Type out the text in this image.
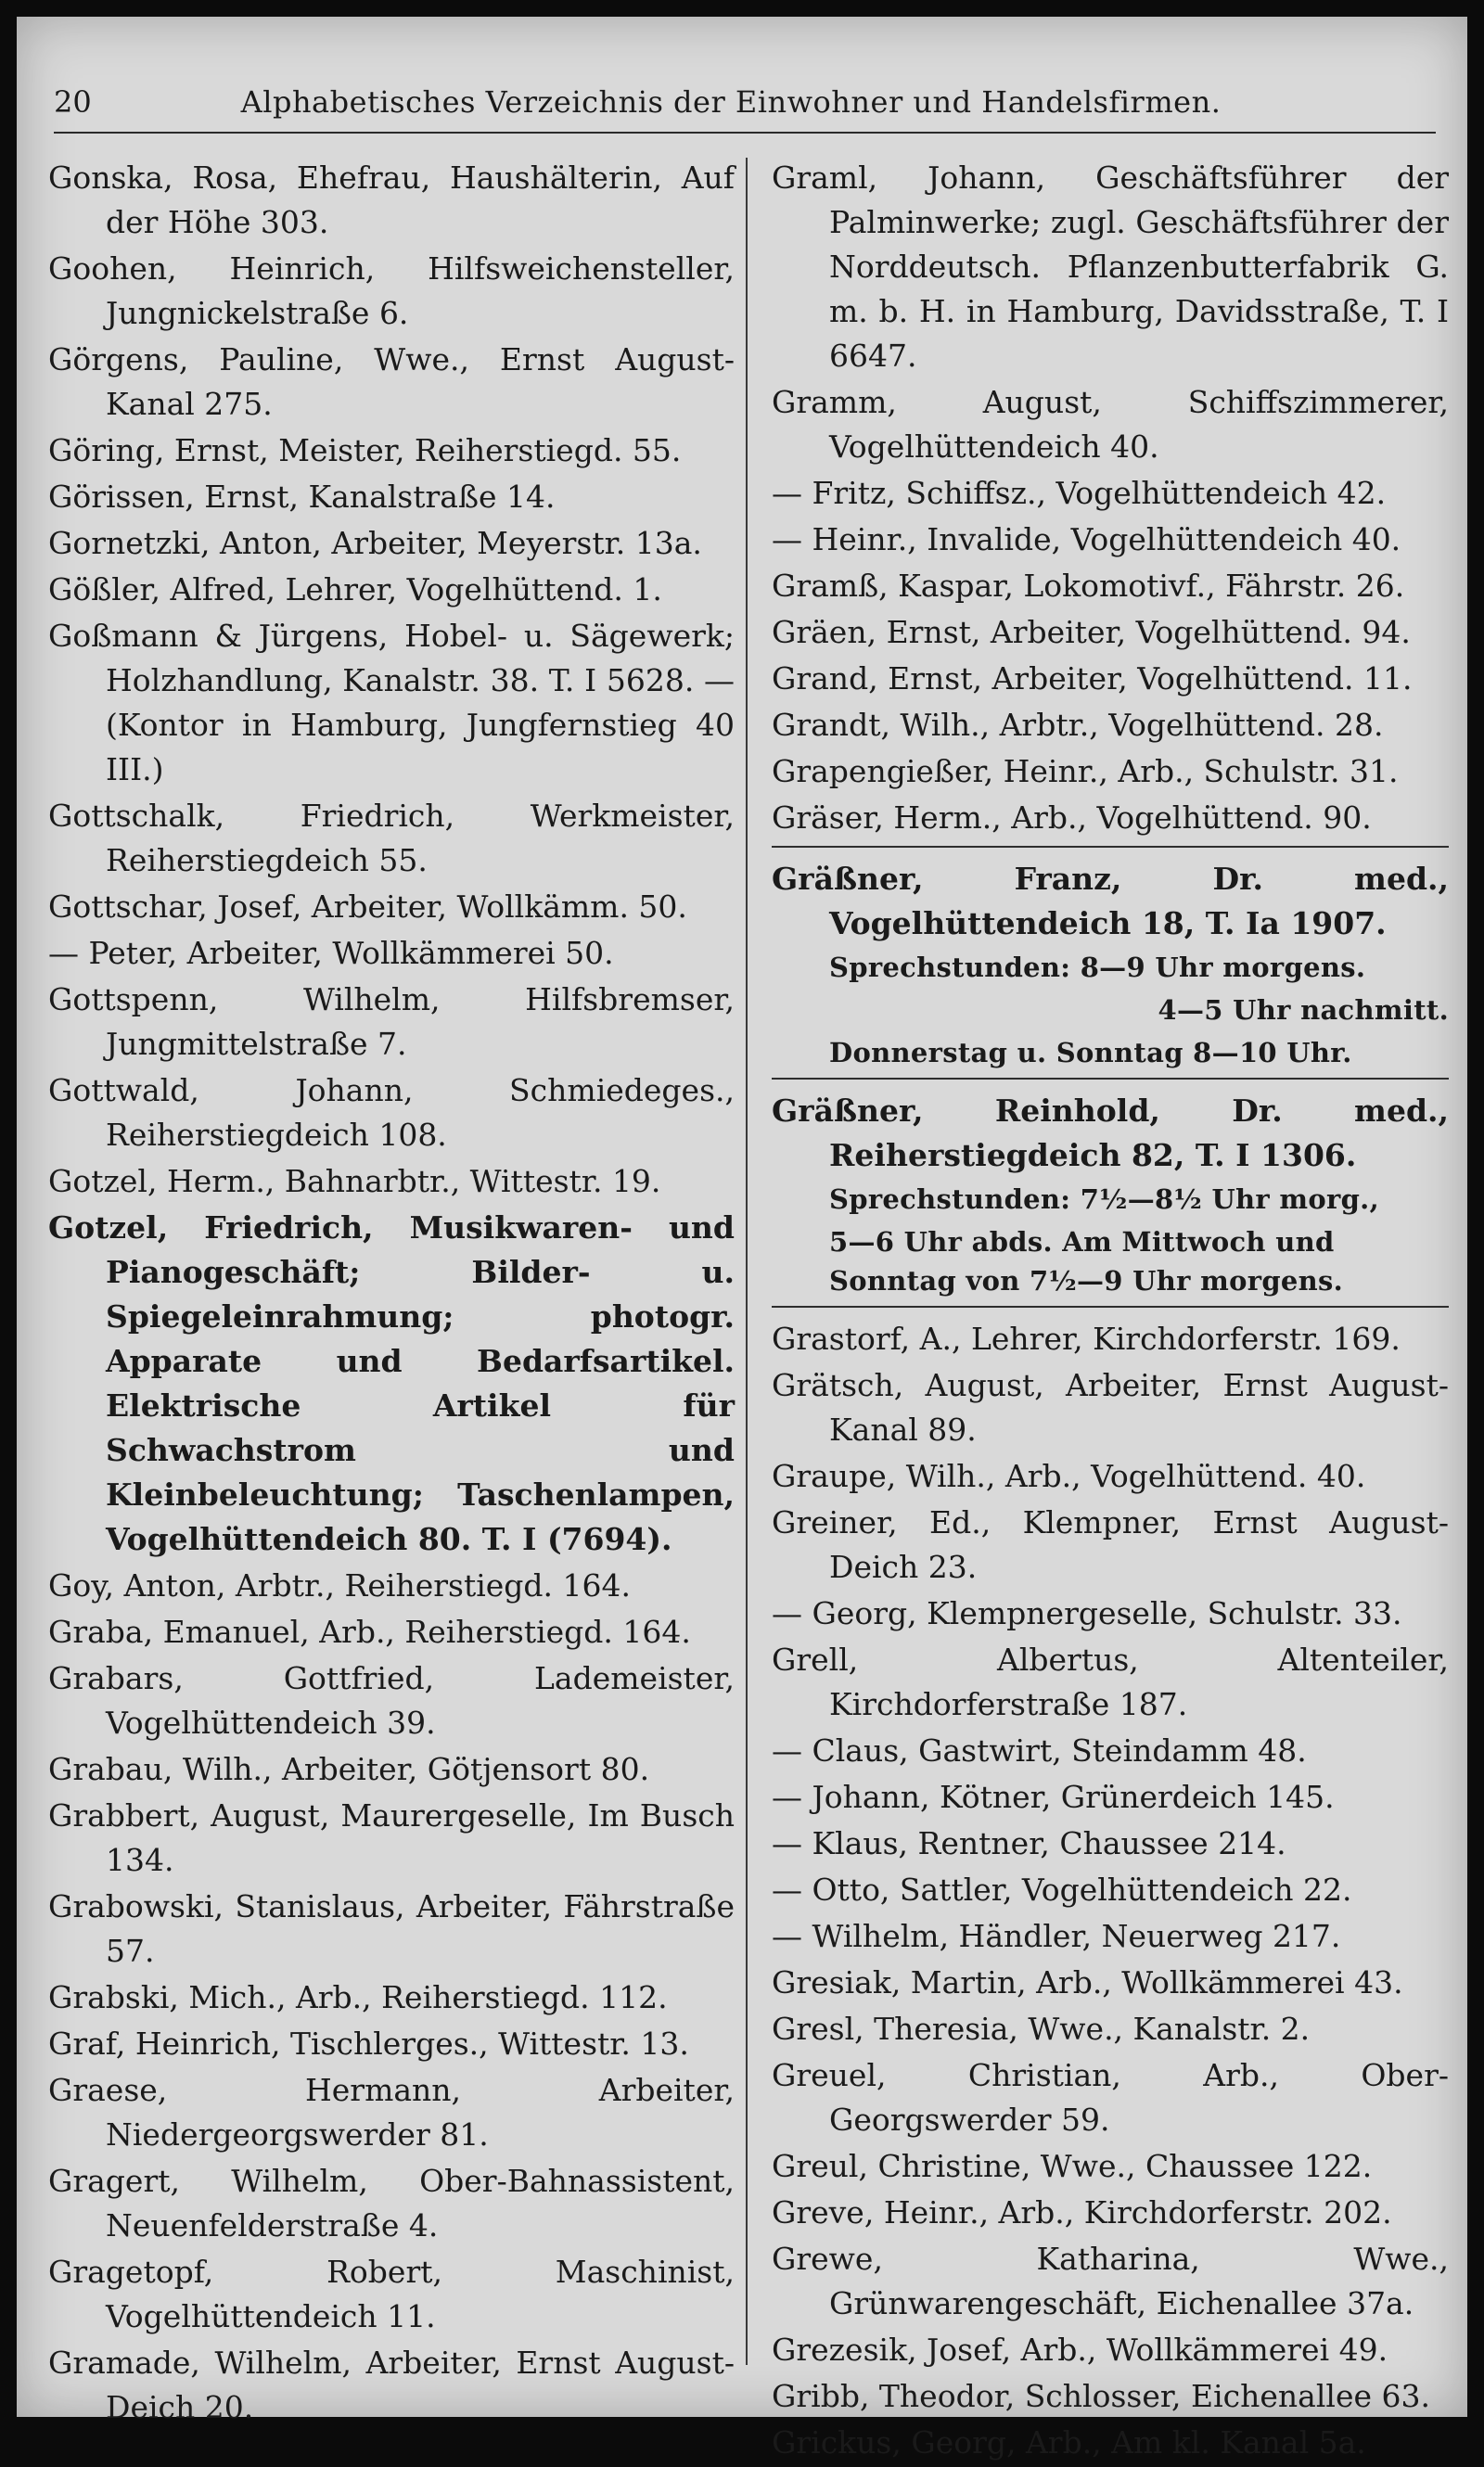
20	Alphabetisches Verzeichnis der Einwohner und Handelsfirmen.

Gonska, Rosa, Ehefrau, Haushälterin, Auf der Höhe 303.

Goohen, Heinrich, Hilfsweichensteller, Jungnickelstraße 6.

Görgens, Pauline, Wwe., Ernst August-Kanal 275.

Göring, Ernst, Meister, Reiherstiegd. 55.

Görissen, Ernst, Kanalstraße 14.

Gornetzki, Anton, Arbeiter, Meyerstr. 13a.

Gößler, Alfred, Lehrer, Vogelhüttend. 1.

Goßmann & Jürgens, Hobel- u. Sägewerk; Holzhandlung, Kanalstr. 38. T. I 5628. — (Kontor in Hamburg, Jungfernstieg 40 III.)

Gottschalk, Friedrich, Werkmeister, Reiherstiegdeich 55.

Gottschar, Josef, Arbeiter, Wollkämm. 50.

— Peter, Arbeiter, Wollkämmerei 50.

Gottspenn, Wilhelm, Hilfsbremser, Jungmittelstraße 7.

Gottwald, Johann, Schmiedeges., Reiherstiegdeich 108.

Gotzel, Herm., Bahnarbtr., Wittestr. 19.

Gotzel, Friedrich, Musikwaren- und Pianogeschäft; Bilder- u. Spiegeleinrahmung; photogr. Apparate und Bedarfsartikel. Elektrische Artikel für Schwachstrom und Kleinbeleuchtung; Taschenlampen, Vogelhüttendeich 80. T. I (7694).

Goy, Anton, Arbtr., Reiherstiegd. 164.

Graba, Emanuel, Arb., Reiherstiegd. 164.

Grabars, Gottfried, Lademeister, Vogelhüttendeich 39.

Grabau, Wilh., Arbeiter, Götjensort 80.

Grabbert, August, Maurergeselle, Im Busch 134.

Grabowski, Stanislaus, Arbeiter, Fährstraße 57.

Grabski, Mich., Arb., Reiherstiegd. 112.

Graf, Heinrich, Tischlerges., Wittestr. 13.

Graese, Hermann, Arbeiter, Niedergeorgswerder 81.

Gragert, Wilhelm, Ober-Bahnassistent, Neuenfelderstraße 4.

Gragetopf, Robert, Maschinist, Vogelhüttendeich 11.

Gramade, Wilhelm, Arbeiter, Ernst August-Deich 20.

Graml, Johann, Geschäftsführer der Palminwerke; zugl. Geschäftsführer der Norddeutsch. Pflanzenbutterfabrik G. m. b. H. in Hamburg, Davidsstraße, T. I 6647.

Gramm, August, Schiffszimmerer, Vogelhüttendeich 40.

— Fritz, Schiffsz., Vogelhüttendeich 42.

— Heinr., Invalide, Vogelhüttendeich 40.

Gramß, Kaspar, Lokomotivf., Fährstr. 26.

Gräen, Ernst, Arbeiter, Vogelhüttend. 94.

Grand, Ernst, Arbeiter, Vogelhüttend. 11.

Grandt, Wilh., Arbtr., Vogelhüttend. 28.

Grapengießer, Heinr., Arb., Schulstr. 31.

Gräser, Herm., Arb., Vogelhüttend. 90.

Gräßner, Franz, Dr. med., Vogelhüttendeich 18, T. Ia 1907.

Sprechstunden: 8—9 Uhr morgens.

4—5 Uhr nachmitt.

Donnerstag u. Sonntag 8—10 Uhr.

Gräßner, Reinhold, Dr. med., Reiherstiegdeich 82, T. I 1306.

Sprechstunden: 7½—8½ Uhr morg.,

5—6 Uhr abds. Am Mittwoch und Sonntag von 7½—9 Uhr morgens.

Grastorf, A., Lehrer, Kirchdorferstr. 169.

Grätsch, August, Arbeiter, Ernst August-Kanal 89.

Graupe, Wilh., Arb., Vogelhüttend. 40.

Greiner, Ed., Klempner, Ernst August-Deich 23.

— Georg, Klempnergeselle, Schulstr. 33.

Grell, Albertus, Altenteiler, Kirchdorferstraße 187.

— Claus, Gastwirt, Steindamm 48.

— Johann, Kötner, Grünerdeich 145.

— Klaus, Rentner, Chaussee 214.

— Otto, Sattler, Vogelhüttendeich 22.

— Wilhelm, Händler, Neuerweg 217.

Gresiak, Martin, Arb., Wollkämmerei 43.

Gresl, Theresia, Wwe., Kanalstr. 2.

Greuel, Christian, Arb., Ober-Georgswerder 59.

Greul, Christine, Wwe., Chaussee 122.

Greve, Heinr., Arb., Kirchdorferstr. 202.

Grewe, Katharina, Wwe., Grünwarengeschäft, Eichenallee 37a.

Grezesik, Josef, Arb., Wollkämmerei 49.

Gribb, Theodor, Schlosser, Eichenallee 63.

Grickus, Georg, Arb., Am kl. Kanal 5a.
